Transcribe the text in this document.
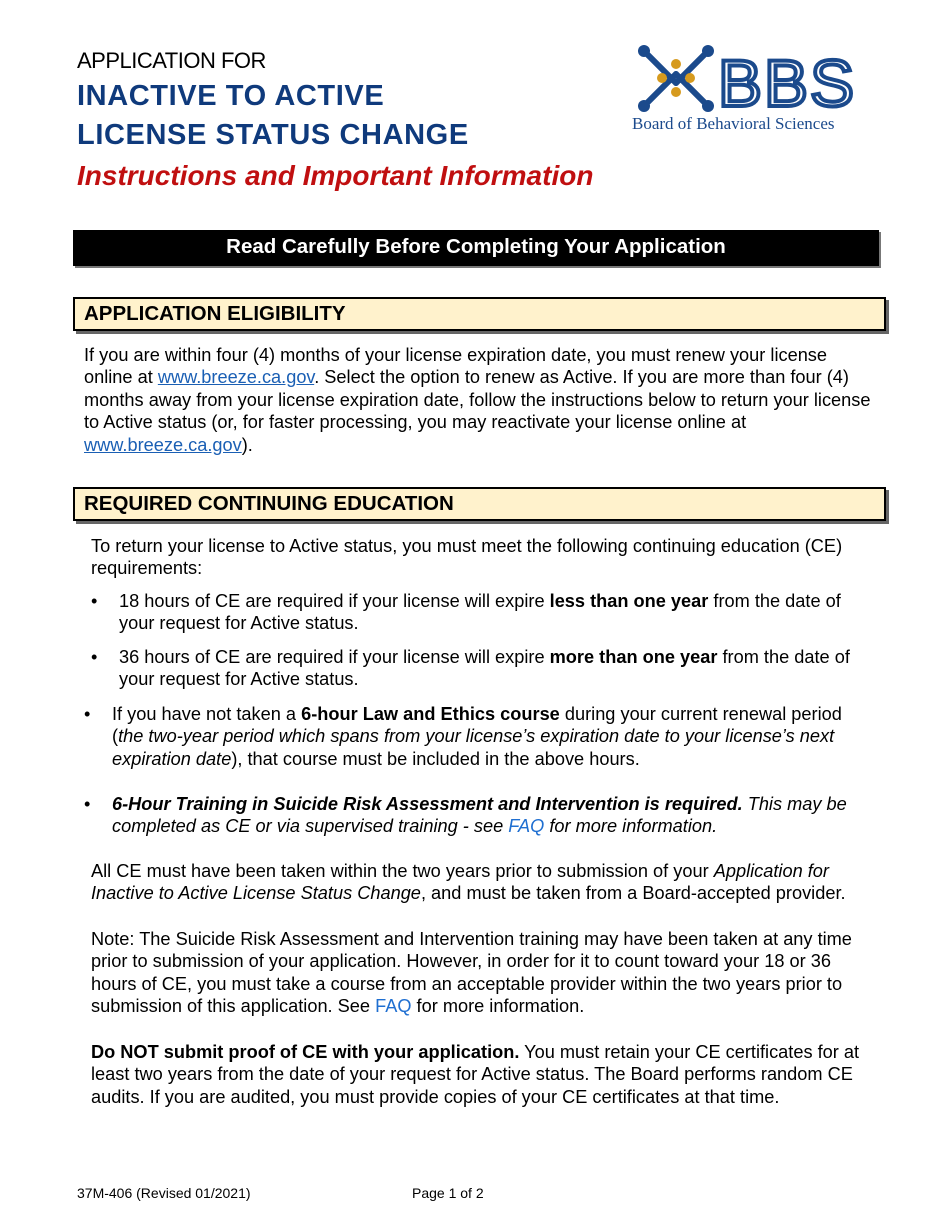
APPLICATION FOR
INACTIVE TO ACTIVE
LICENSE STATUS CHANGE
Instructions and Important Information
BBS
Board of Behavioral Sciences
Read Carefully Before Completing Your Application
APPLICATION ELIGIBILITY
If you are within four (4) months of your license expiration date, you must renew your license
online at www.breeze.ca.gov. Select the option to renew as Active. If you are more than four (4)
months away from your license expiration date, follow the instructions below to return your license
to Active status (or, for faster processing, you may reactivate your license online at
www.breeze.ca.gov).
REQUIRED CONTINUING EDUCATION
To return your license to Active status, you must meet the following continuing education (CE)
requirements:
• 18 hours of CE are required if your license will expire less than one year from the date of
your request for Active status.
• 36 hours of CE are required if your license will expire more than one year from the date of
your request for Active status.
• If you have not taken a 6-hour Law and Ethics course during your current renewal period
(the two-year period which spans from your license’s expiration date to your license’s next
expiration date), that course must be included in the above hours.
• 6-Hour Training in Suicide Risk Assessment and Intervention is required. This may be
completed as CE or via supervised training - see FAQ for more information.
All CE must have been taken within the two years prior to submission of your Application for
Inactive to Active License Status Change, and must be taken from a Board-accepted provider.
Note: The Suicide Risk Assessment and Intervention training may have been taken at any time
prior to submission of your application. However, in order for it to count toward your 18 or 36
hours of CE, you must take a course from an acceptable provider within the two years prior to
submission of this application. See FAQ for more information.
Do NOT submit proof of CE with your application. You must retain your CE certificates for at
least two years from the date of your request for Active status. The Board performs random CE
audits. If you are audited, you must provide copies of your CE certificates at that time.
37M-406 (Revised 01/2021)	Page 1 of 2
